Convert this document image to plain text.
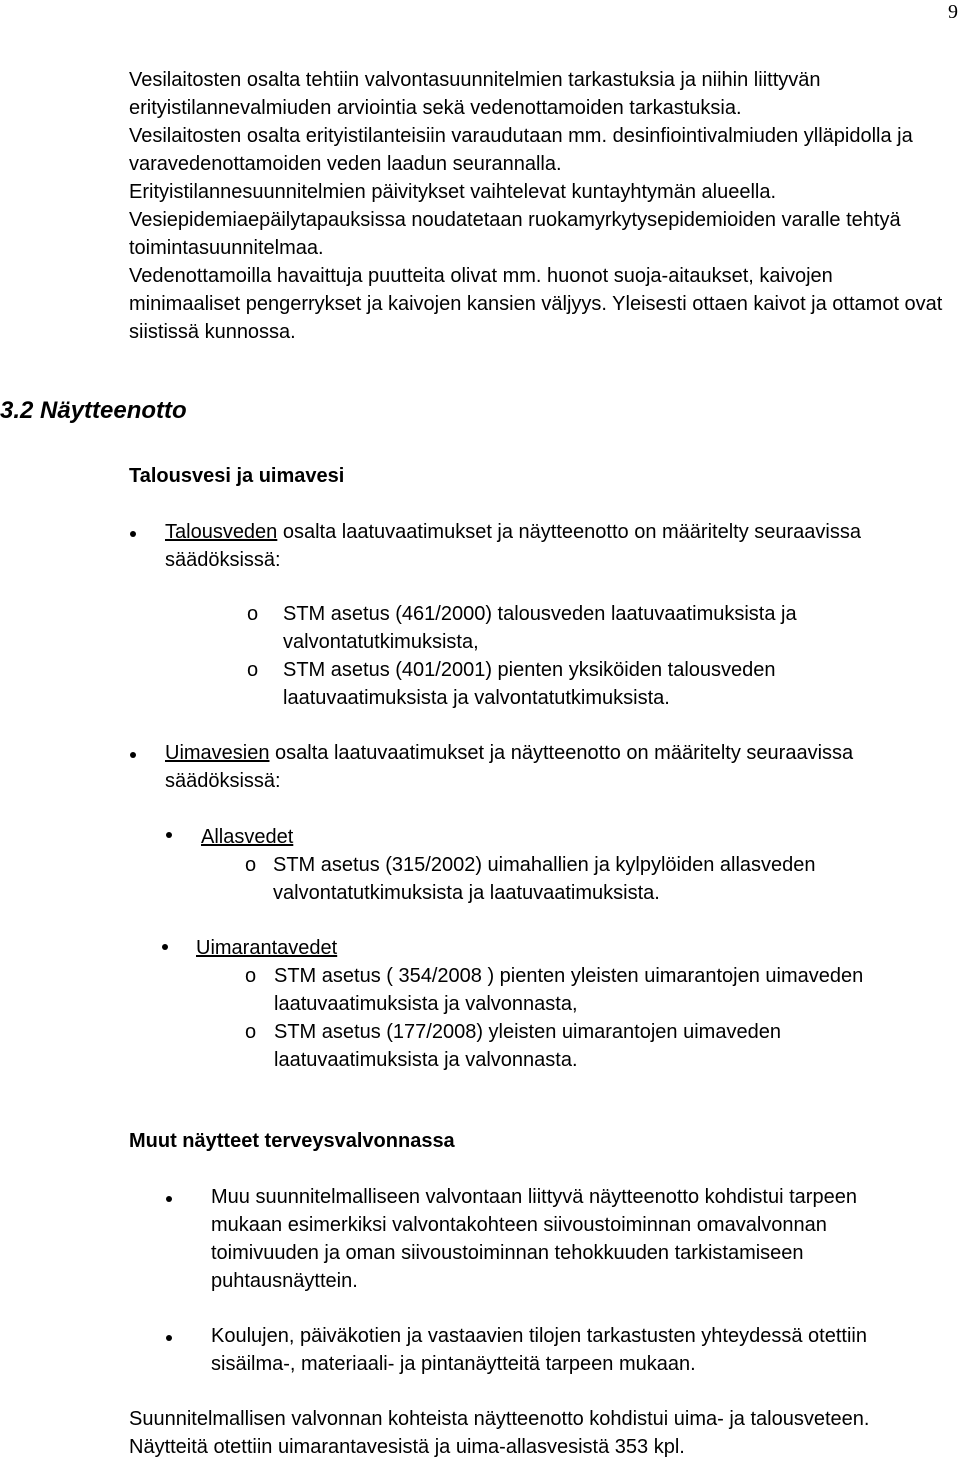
9

Vesilaitosten osalta tehtiin valvontasuunnitelmien tarkastuksia ja niihin liittyvän erityistilannevalmiuden arviointia sekä vedenottamoiden tarkastuksia.

Vesilaitosten osalta erityistilanteisiin varaudutaan mm. desinfiointivalmiuden ylläpidolla ja varavedenottamoiden veden laadun seurannalla.

Erityistilannesuunnitelmien päivitykset vaihtelevat kuntayhtymän alueella.

Vesiepidemiaepäilytapauksissa noudatetaan ruokamyrkytysepidemioiden varalle tehtyä toimintasuunnitelmaa.

Vedenottamoilla havaittuja puutteita olivat mm. huonot suoja-aitaukset, kaivojen minimaaliset pengerrykset ja kaivojen kansien väljyys. Yleisesti ottaen kaivot ja ottamot ovat siistissä kunnossa.

3.2 Näytteenotto
Talousvesi ja uimavesi
Talousveden osalta laatuvaatimukset ja näytteenotto on määritelty seuraavissa säädöksissä:
o STM asetus (461/2000) talousveden laatuvaatimuksista ja valvontatutkimuksista,
o STM asetus (401/2001) pienten yksiköiden talousveden laatuvaatimuksista ja valvontatutkimuksista.
Uimavesien osalta laatuvaatimukset ja näytteenotto on määritelty seuraavissa säädöksissä:
Allasvedet
o STM asetus (315/2002) uimahallien ja kylpylöiden allasveden valvontatutkimuksista ja laatuvaatimuksista.
Uimarantavedet
o STM asetus ( 354/2008 ) pienten yleisten uimarantojen uimaveden laatuvaatimuksista ja valvonnasta,
o STM asetus (177/2008) yleisten uimarantojen uimaveden laatuvaatimuksista ja valvonnasta.
Muut näytteet terveysvalvonnassa
Muu suunnitelmalliseen valvontaan liittyvä näytteenotto kohdistui tarpeen mukaan esimerkiksi valvontakohteen siivoustoiminnan omavalvonnan toimivuuden ja oman siivoustoiminnan tehokkuuden tarkistamiseen puhtausnäyttein.
Koulujen, päiväkotien ja vastaavien tilojen tarkastusten yhteydessä otettiin sisäilma-, materiaali- ja pintanäytteitä tarpeen mukaan.
Suunnitelmallisen valvonnan kohteista näytteenotto kohdistui uima- ja talousveteen. Näytteitä otettiin uimarantavesistä ja uima-allasvesistä 353 kpl.
